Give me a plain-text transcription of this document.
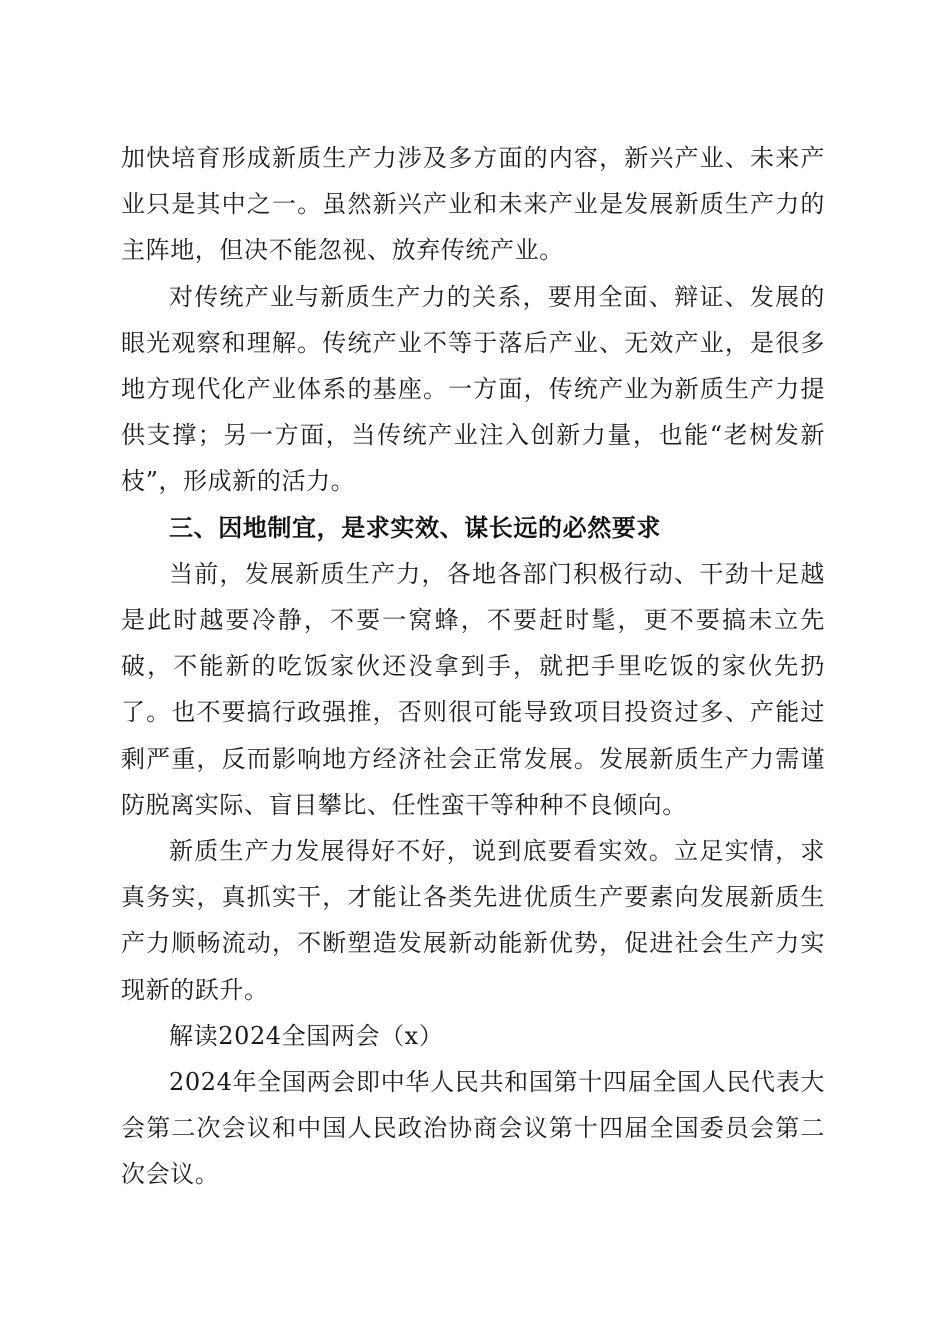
加快培育形成新质生产力涉及多方面的内容，新兴产业、未来产业只是其中之一。虽然新兴产业和未来产业是发展新质生产力的主阵地，但决不能忽视、放弃传统产业。

对传统产业与新质生产力的关系，要用全面、辩证、发展的眼光观察和理解。传统产业不等于落后产业、无效产业，是很多地方现代化产业体系的基座。一方面，传统产业为新质生产力提供支撑；另一方面，当传统产业注入创新力量，也能“老树发新枝”，形成新的活力。

三、因地制宜，是求实效、谋长远的必然要求

当前，发展新质生产力，各地各部门积极行动、干劲十足越是此时越要冷静，不要一窝蜂，不要赶时髦，更不要搞未立先破，不能新的吃饭家伙还没拿到手，就把手里吃饭的家伙先扔了。也不要搞行政强推，否则很可能导致项目投资过多、产能过剩严重，反而影响地方经济社会正常发展。发展新质生产力需谨防脱离实际、盲目攀比、任性蛮干等种种不良倾向。

新质生产力发展得好不好，说到底要看实效。立足实情，求真务实，真抓实干，才能让各类先进优质生产要素向发展新质生产力顺畅流动，不断塑造发展新动能新优势，促进社会生产力实现新的跃升。

解读2024全国两会（x）

2024年全国两会即中华人民共和国第十四届全国人民代表大会第二次会议和中国人民政治协商会议第十四届全国委员会第二次会议。
